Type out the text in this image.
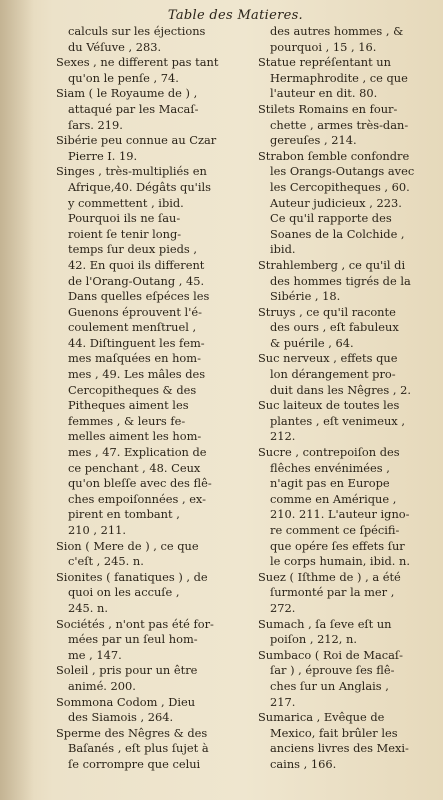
Table des Matieres.
calculs sur les éjections
du Véſuve , 283.
Sexes , ne different pas tant
qu'on le penſe , 74.
Siam ( le Royaume de ) ,
attaqué par les Macaſ-
ſars. 219.
Sibérie peu connue au Czar
Pierre I. 19.
Singes , très-multipliés en
Afrique,40. Dégâts qu'ils
y commettent , ibid.
Pourquoi ils ne ſau-
roient ſe tenir long-
temps ſur deux pieds ,
42. En quoi ils different
de l'Orang-Outang , 45.
Dans quelles eſpéces les
Guenons éprouvent l'é-
coulement menſtruel ,
44. Diſtinguent les fem-
mes maſquées en hom-
mes , 49. Les mâles des
Cercopitheques & des
Pitheques aiment les
femmes , & leurs fe-
melles aiment les hom-
mes , 47. Explication de
ce penchant , 48. Ceux
qu'on bleſſe avec des flê-
ches empoiſonnées , ex-
pirent en tombant ,
210 , 211.
Sion ( Mere de ) , ce que
c'eſt , 245. n.
Sionites ( fanatiques ) , de
quoi on les accuſe ,
245. n.
Sociétés , n'ont pas été for-
mées par un ſeul hom-
me , 147.
Soleil , pris pour un être
animé. 200.
Sommona Codom , Dieu
des Siamois , 264.
Sperme des Nêgres & des
Baſanés , eſt plus ſujet à
ſe corrompre que celui
des autres hommes , &
pourquoi , 15 , 16.
Statue repréſentant un
Hermaphrodite , ce que
l'auteur en dit. 80.
Stilets Romains en four-
chette , armes très-dan-
gereuſes , 214.
Strabon ſemble confondre
les Orangs-Outangs avec
les Cercopitheques , 60.
Auteur judicieux , 223.
Ce qu'il rapporte des
Soanes de la Colchide ,
ibid.
Strahlemberg , ce qu'il di
des hommes tigrés de la
Sibérie , 18.
Struys , ce qu'il raconte
des ours , eſt fabuleux
& puérile , 64.
Suc nerveux , effets que
lon dérangement pro-
duit dans les Nêgres , 2.
Suc laiteux de toutes les
plantes , eſt venimeux ,
212.
Sucre , contrepoiſon des
flêches envénimées ,
n'agit pas en Europe
comme en Amérique ,
210. 211. L'auteur igno-
re comment ce ſpécifi-
que opére ſes effets ſur
le corps humain, ibid. n.
Suez ( Iſthme de ) , a été
ſurmonté par la mer ,
272.
Sumach , ſa ſeve eſt un
poiſon , 212, n.
Sumbaco ( Roi de Macaſ-
ſar ) , éprouve ſes flê-
ches ſur un Anglais ,
217.
Sumarica , Evêque de
Mexico, fait brûler les
anciens livres des Mexi-
cains , 166.
